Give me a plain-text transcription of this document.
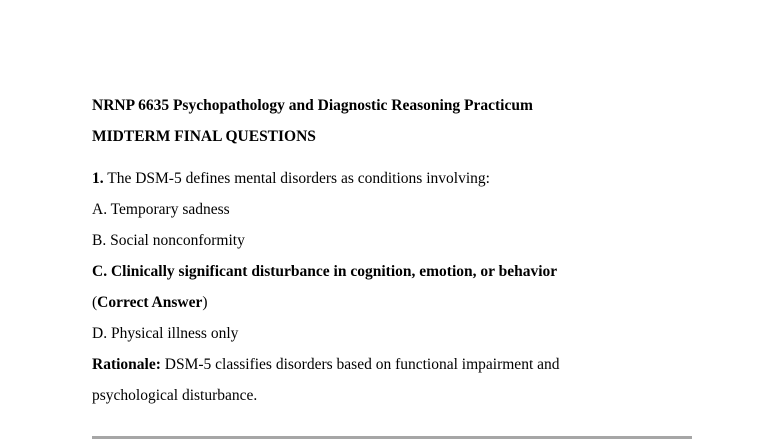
NRNP 6635 Psychopathology and Diagnostic Reasoning Practicum
MIDTERM FINAL QUESTIONS
1. The DSM-5 defines mental disorders as conditions involving:
A. Temporary sadness
B. Social nonconformity
C. Clinically significant disturbance in cognition, emotion, or behavior
(Correct Answer)
D. Physical illness only
Rationale: DSM-5 classifies disorders based on functional impairment and
psychological disturbance.
